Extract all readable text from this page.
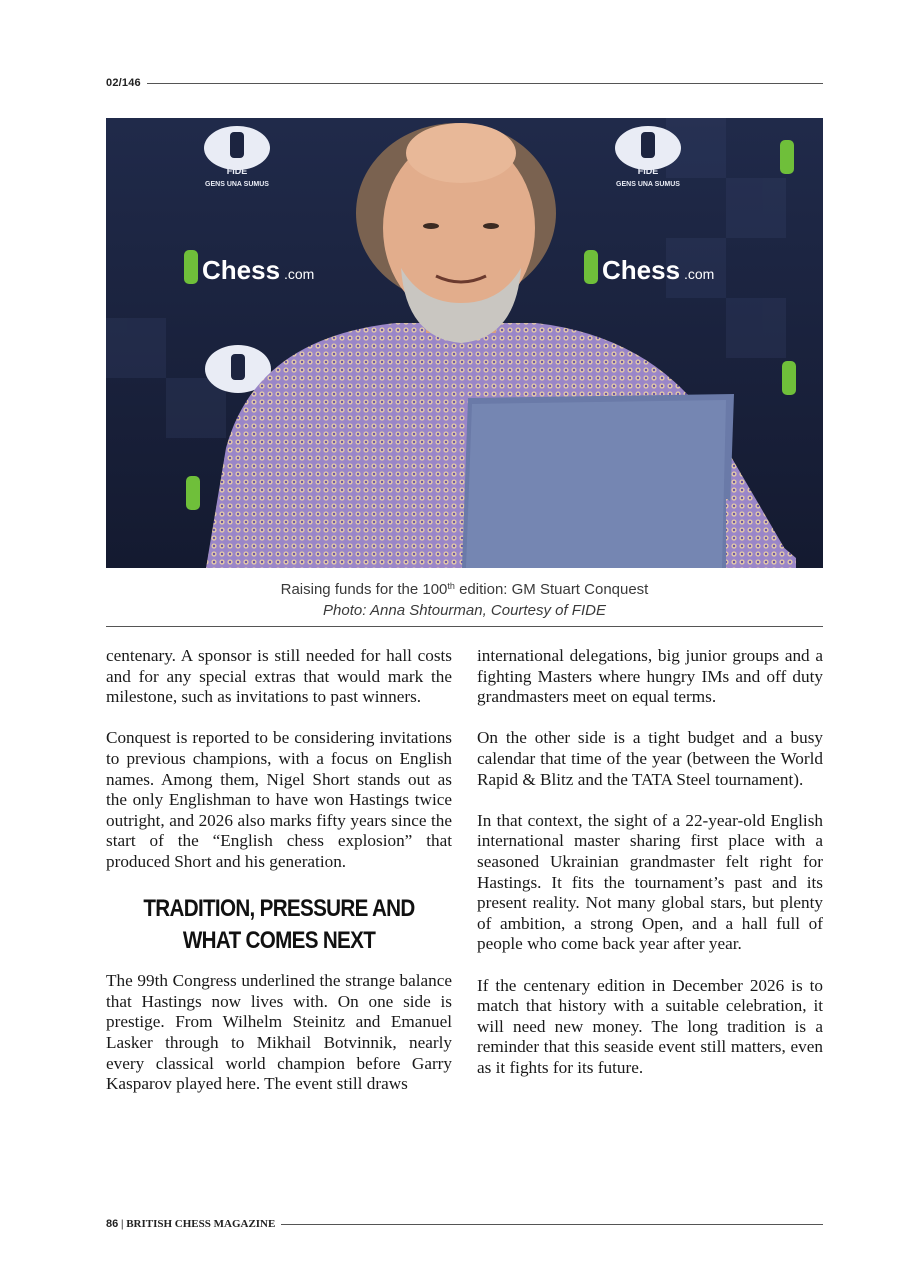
02/146
GENS UNA SUMUS	GENS UNA SUMUS
FIDE	FIDE
Chess .com	Chess .com
Raising funds for the 100th edition: GM Stuart Conquest
Photo: Anna Shtourman, Courtesy of FIDE

centenary. A sponsor is still needed for hall costs and for any special extras that would mark the milestone, such as invitations to past winners.

Conquest is reported to be considering invitations to previous champions, with a focus on English names. Among them, Nigel Short stands out as the only Englishman to have won Hastings twice outright, and 2026 also marks fifty years since the start of the “English chess explosion” that produced Short and his generation.

TRADITION, PRESSURE AND WHAT COMES NEXT

The 99th Congress underlined the strange balance that Hastings now lives with. On one side is prestige. From Wilhelm Steinitz and Emanuel Lasker through to Mikhail Botvinnik, nearly every classical world champion before Garry Kasparov played here. The event still draws

international delegations, big junior groups and a fighting Masters where hungry IMs and off duty grandmasters meet on equal terms.

On the other side is a tight budget and a busy calendar that time of the year (between the World Rapid & Blitz and the TATA Steel tournament).

In that context, the sight of a 22-year-old English international master sharing first place with a seasoned Ukrainian grandmaster felt right for Hastings. It fits the tournament’s past and its present reality. Not many global stars, but plenty of ambition, a strong Open, and a hall full of people who come back year after year.

If the centenary edition in December 2026 is to match that history with a suitable celebration, it will need new money. The long tradition is a reminder that this seaside event still matters, even as it fights for its future.

86 | BRITISH CHESS MAGAZINE
